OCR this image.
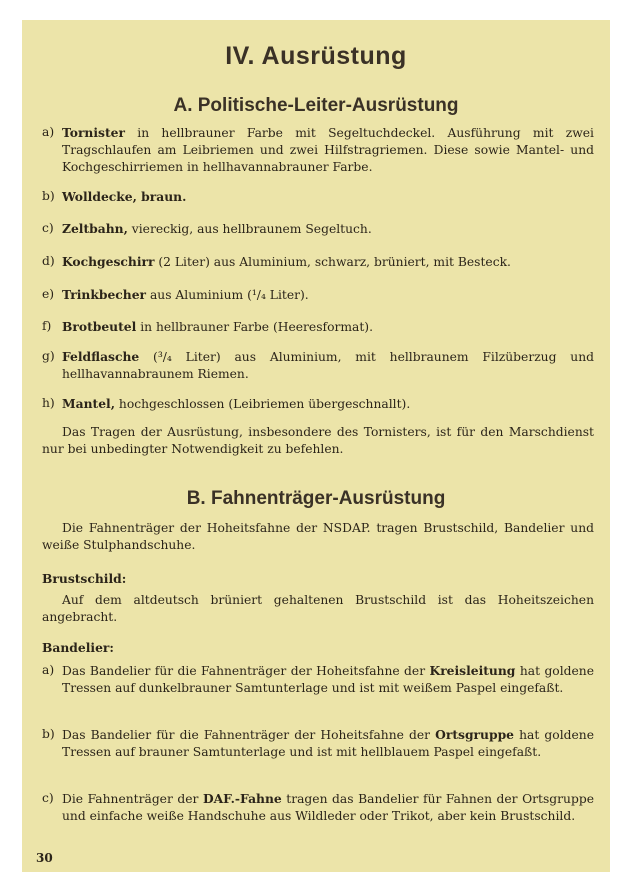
IV. Ausrüstung
A. Politische-Leiter-Ausrüstung
a) Tornister in hellbrauner Farbe mit Segeltuchdeckel. Ausführung mit zwei Tragschlaufen am Leibriemen und zwei Hilfstragriemen. Diese sowie Mantel- und Kochgeschirriemen in hellhavannabrauner Farbe.
b) Wolldecke, braun.
c) Zeltbahn, viereckig, aus hellbraunem Segeltuch.
d) Kochgeschirr (2 Liter) aus Aluminium, schwarz, brüniert, mit Besteck.
e) Trinkbecher aus Aluminium (¹/₄ Liter).
f) Brotbeutel in hellbrauner Farbe (Heeresformat).
g) Feldflasche (³/₄ Liter) aus Aluminium, mit hellbraunem Filzüberzug und hellhavannabraunem Riemen.
h) Mantel, hochgeschlossen (Leibriemen übergeschnallt).
Das Tragen der Ausrüstung, insbesondere des Tornisters, ist für den Marschdienst nur bei unbedingter Notwendigkeit zu befehlen.
B. Fahnenträger-Ausrüstung
Die Fahnenträger der Hoheitsfahne der NSDAP. tragen Brustschild, Bandelier und weiße Stulphandschuhe.
Brustschild:
Auf dem altdeutsch brüniert gehaltenen Brustschild ist das Hoheitszeichen angebracht.
Bandelier:
a) Das Bandelier für die Fahnenträger der Hoheitsfahne der Kreisleitung hat goldene Tressen auf dunkelbrauner Samtunterlage und ist mit weißem Paspel eingefaßt.
b) Das Bandelier für die Fahnenträger der Hoheitsfahne der Ortsgruppe hat goldene Tressen auf brauner Samtunterlage und ist mit hellblauem Paspel eingefaßt.
c) Die Fahnenträger der DAF.-Fahne tragen das Bandelier für Fahnen der Ortsgruppe und einfache weiße Handschuhe aus Wildleder oder Trikot, aber kein Brustschild.
30
